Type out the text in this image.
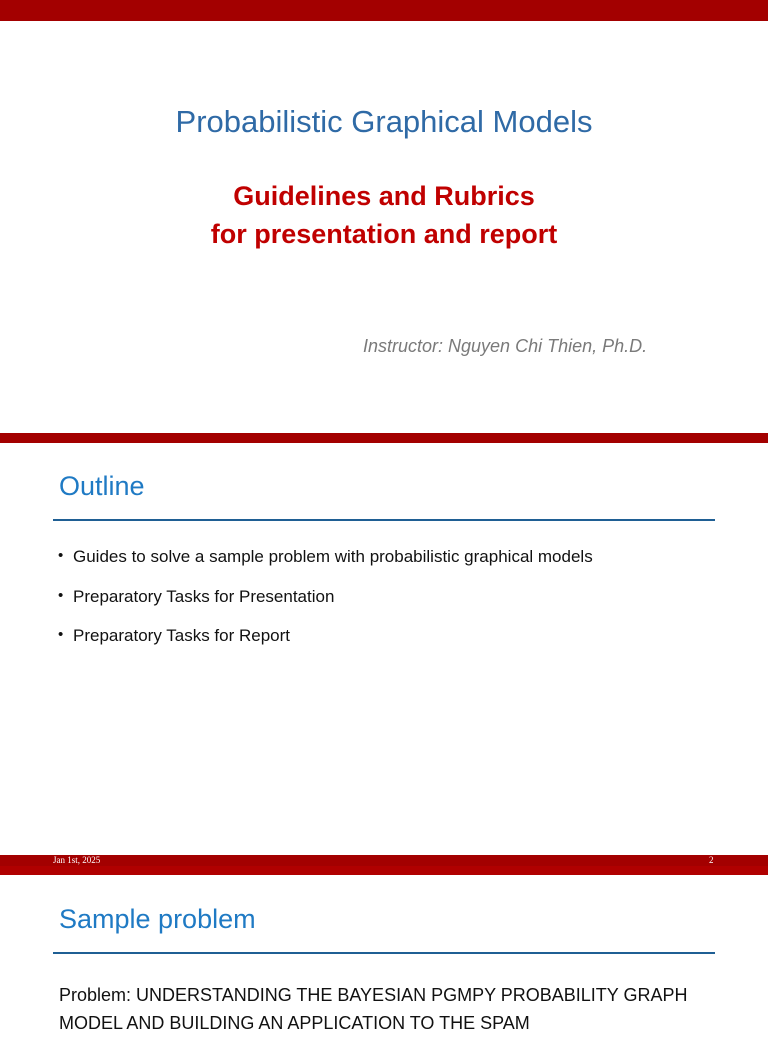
Probabilistic Graphical Models
Guidelines and Rubrics
for presentation and report
Instructor: Nguyen Chi Thien, Ph.D.
Outline
• Guides to solve a sample problem with probabilistic graphical models
• Preparatory Tasks for Presentation
• Preparatory Tasks for Report
Jan 1st, 2025	2
Sample problem

Problem: UNDERSTANDING THE BAYESIAN PGMPY PROBABILITY GRAPH MODEL AND BUILDING AN APPLICATION TO THE SPAM
